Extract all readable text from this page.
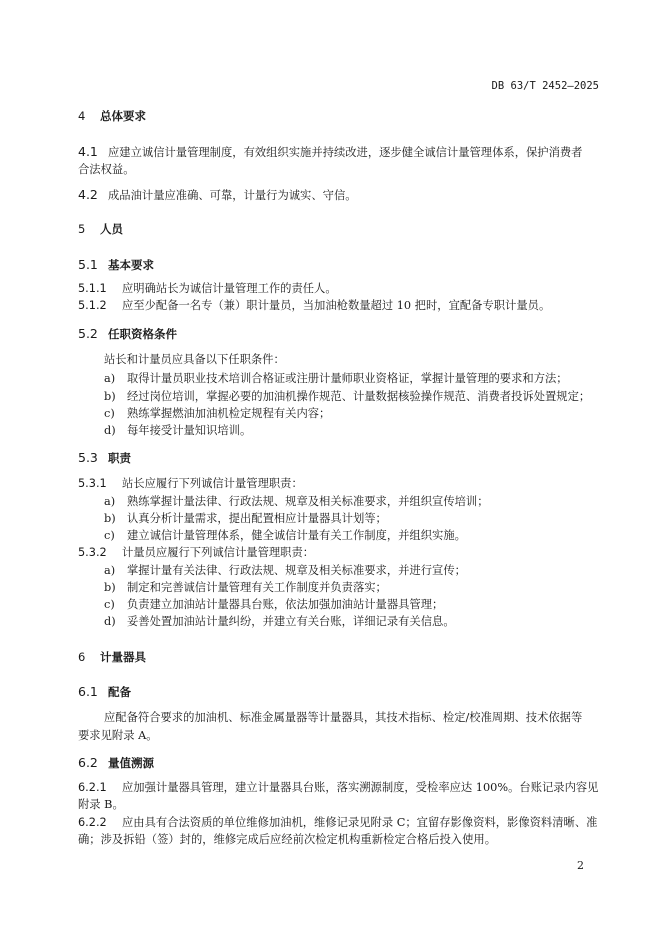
DB 63/T 2452—2025
4 总体要求
4.1 应建立诚信计量管理制度，有效组织实施并持续改进，逐步健全诚信计量管理体系，保护消费者
合法权益。
4.2 成品油计量应准确、可靠，计量行为诚实、守信。
5 人员
5.1 基本要求
5.1.1 应明确站长为诚信计量管理工作的责任人。
5.1.2 应至少配备一名专（兼）职计量员，当加油枪数量超过 10 把时，宜配备专职计量员。
5.2 任职资格条件
站长和计量员应具备以下任职条件：
a) 取得计量员职业技术培训合格证或注册计量师职业资格证，掌握计量管理的要求和方法；
b) 经过岗位培训，掌握必要的加油机操作规范、计量数据核验操作规范、消费者投诉处置规定；
c) 熟练掌握燃油加油机检定规程有关内容；
d) 每年接受计量知识培训。
5.3 职责
5.3.1 站长应履行下列诚信计量管理职责：
a) 熟练掌握计量法律、行政法规、规章及相关标准要求，并组织宣传培训；
b) 认真分析计量需求，提出配置相应计量器具计划等；
c) 建立诚信计量管理体系，健全诚信计量有关工作制度，并组织实施。
5.3.2 计量员应履行下列诚信计量管理职责：
a) 掌握计量有关法律、行政法规、规章及相关标准要求，并进行宣传；
b) 制定和完善诚信计量管理有关工作制度并负责落实；
c) 负责建立加油站计量器具台账，依法加强加油站计量器具管理；
d) 妥善处置加油站计量纠纷，并建立有关台账，详细记录有关信息。
6 计量器具
6.1 配备
应配备符合要求的加油机、标准金属量器等计量器具，其技术指标、检定/校准周期、技术依据等
要求见附录 A。
6.2 量值溯源
6.2.1 应加强计量器具管理，建立计量器具台账，落实溯源制度，受检率应达 100%。台账记录内容见
附录 B。
6.2.2 应由具有合法资质的单位维修加油机，维修记录见附录 C；宜留存影像资料，影像资料清晰、准
确；涉及拆铅（签）封的，维修完成后应经前次检定机构重新检定合格后投入使用。
2
